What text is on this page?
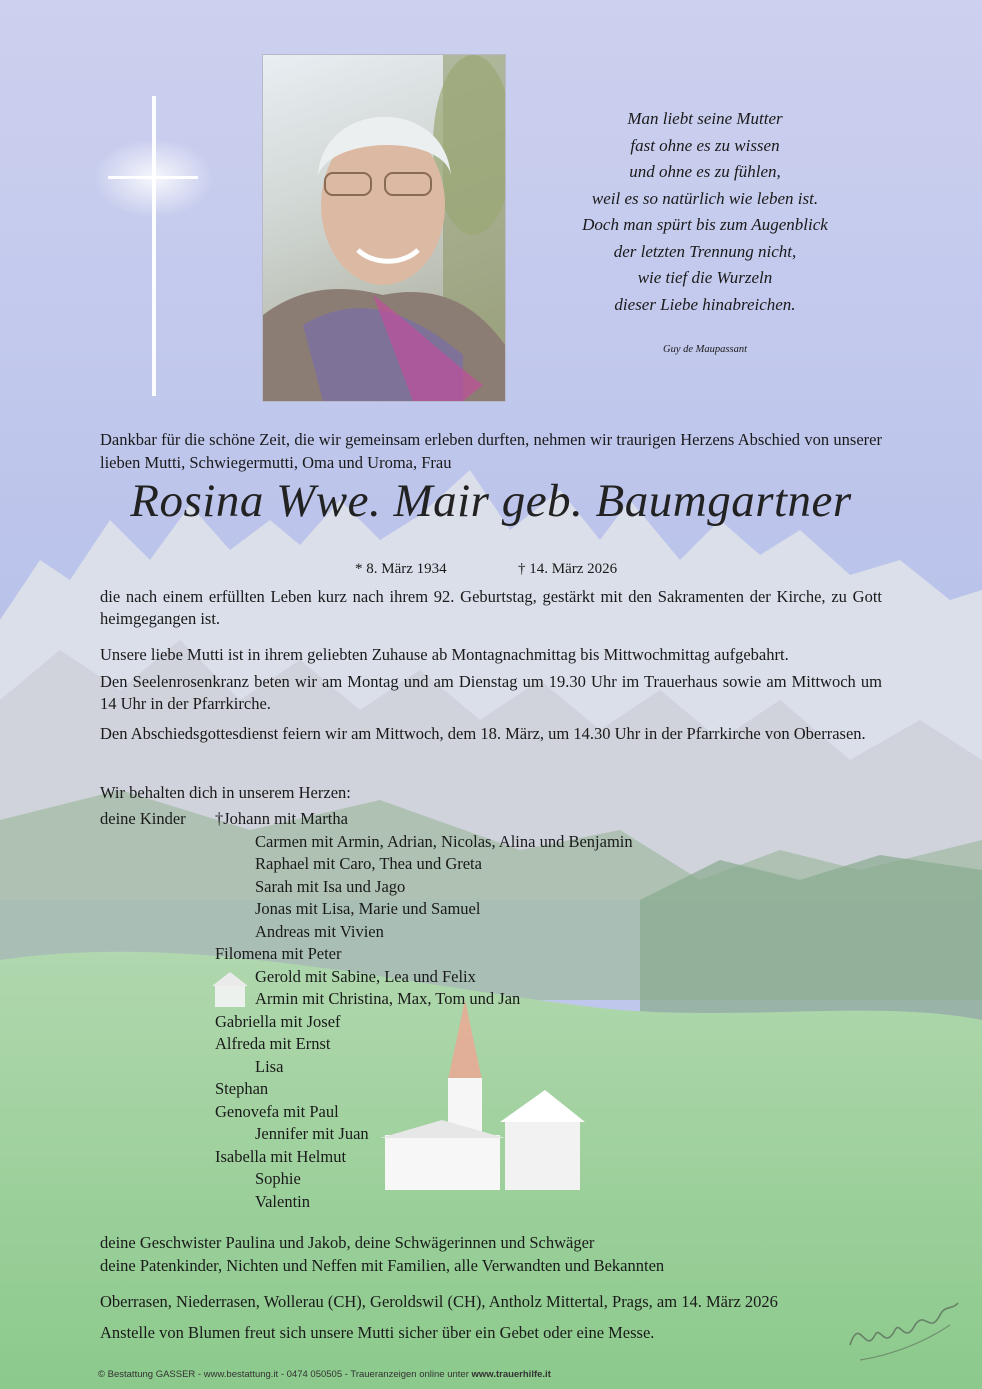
Man liebt seine Mutter
fast ohne es zu wissen
und ohne es zu fühlen,
weil es so natürlich wie leben ist.
Doch man spürt bis zum Augenblick
der letzten Trennung nicht,
wie tief die Wurzeln
dieser Liebe hinabreichen.
Guy de Maupassant
Dankbar für die schöne Zeit, die wir gemeinsam erleben durften, nehmen wir traurigen Herzens Abschied von unserer lieben Mutti, Schwiegermutti, Oma und Uroma, Frau
Rosina Wwe. Mair geb. Baumgartner
* 8. März 1934	† 14. März 2026
die nach einem erfüllten Leben kurz nach ihrem 92. Geburtstag, gestärkt mit den Sakramenten der Kirche, zu Gott heimgegangen ist.
Unsere liebe Mutti ist in ihrem geliebten Zuhause ab Montagnachmittag bis Mittwochmittag aufgebahrt.
Den Seelenrosenkranz beten wir am Montag und am Dienstag um 19.30 Uhr im Trauerhaus sowie am Mittwoch um 14 Uhr in der Pfarrkirche.
Den Abschiedsgottesdienst feiern wir am Mittwoch, dem 18. März, um 14.30 Uhr in der Pfarrkirche von Oberrasen.
Wir behalten dich in unserem Herzen:
deine Kinder †Johann mit Martha
Carmen mit Armin, Adrian, Nicolas, Alina und Benjamin
Raphael mit Caro, Thea und Greta
Sarah mit Isa und Jago
Jonas mit Lisa, Marie und Samuel
Andreas mit Vivien
Filomena mit Peter
Gerold mit Sabine, Lea und Felix
Armin mit Christina, Max, Tom und Jan
Gabriella mit Josef
Alfreda mit Ernst
Lisa
Stephan
Genovefa mit Paul
Jennifer mit Juan
Isabella mit Helmut
Sophie
Valentin
deine Geschwister Paulina und Jakob, deine Schwägerinnen und Schwäger
deine Patenkinder, Nichten und Neffen mit Familien, alle Verwandten und Bekannten
Oberrasen, Niederrasen, Wollerau (CH), Geroldswil (CH), Antholz Mittertal, Prags, am 14. März 2026
Anstelle von Blumen freut sich unsere Mutti sicher über ein Gebet oder eine Messe.
© Bestattung GASSER - www.bestattung.it - 0474 050505 - Traueranzeigen online unter www.trauerhilfe.it
